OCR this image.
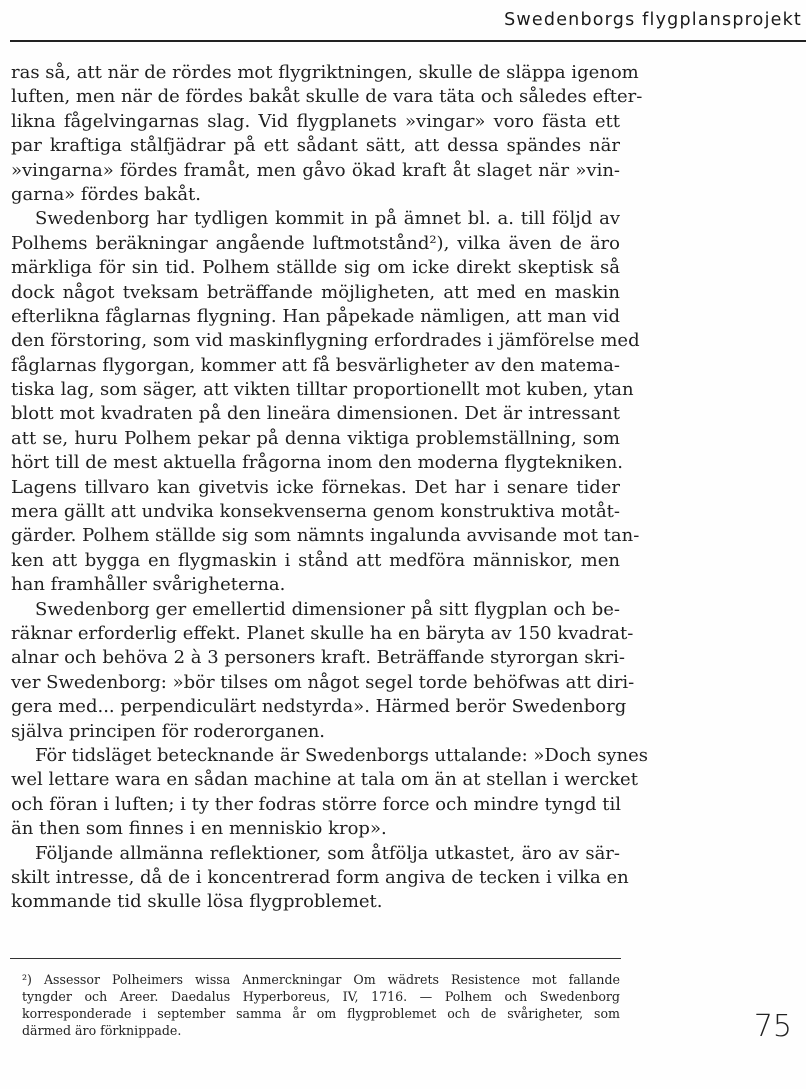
Swedenborgs flygplansprojekt
ras så, att när de rördes mot flygriktningen, skulle de släppa igenom
luften, men när de fördes bakåt skulle de vara täta och således efter-
likna fågelvingarnas slag. Vid flygplanets »vingar» voro fästa ett
par kraftiga stålfjädrar på ett sådant sätt, att dessa spändes när
»vingarna» fördes framåt, men gåvo ökad kraft åt slaget när »vin-
garna» fördes bakåt.
Swedenborg har tydligen kommit in på ämnet bl. a. till följd av
Polhems beräkningar angående luftmotstånd²), vilka även de äro
märkliga för sin tid. Polhem ställde sig om icke direkt skeptisk så
dock något tveksam beträffande möjligheten, att med en maskin
efterlikna fåglarnas flygning. Han påpekade nämligen, att man vid
den förstoring, som vid maskinflygning erfordrades i jämförelse med
fåglarnas flygorgan, kommer att få besvärligheter av den matema-
tiska lag, som säger, att vikten tilltar proportionellt mot kuben, ytan
blott mot kvadraten på den lineära dimensionen. Det är intressant
att se, huru Polhem pekar på denna viktiga problemställning, som
hört till de mest aktuella frågorna inom den moderna flygtekniken.
Lagens tillvaro kan givetvis icke förnekas. Det har i senare tider
mera gällt att undvika konsekvenserna genom konstruktiva motåt-
gärder. Polhem ställde sig som nämnts ingalunda avvisande mot tan-
ken att bygga en flygmaskin i stånd att medföra människor, men
han framhåller svårigheterna.
Swedenborg ger emellertid dimensioner på sitt flygplan och be-
räknar erforderlig effekt. Planet skulle ha en bäryta av 150 kvadrat-
alnar och behöva 2 à 3 personers kraft. Beträffande styrorgan skri-
ver Swedenborg: »bör tilses om något segel torde behöfwas att diri-
gera med... perpendiculärt nedstyrda». Härmed berör Swedenborg
själva principen för roderorganen.
För tidsläget betecknande är Swedenborgs uttalande: »Doch synes
wel lettare wara en sådan machine at tala om än at stellan i wercket
och föran i luften; i ty ther fodras större force och mindre tyngd til
än then som finnes i en menniskio krop».
Följande allmänna reflektioner, som åtfölja utkastet, äro av sär-
skilt intresse, då de i koncentrerad form angiva de tecken i vilka en
kommande tid skulle lösa flygproblemet.
²) Assessor Polheimers wissa Anmerckningar Om wädrets Resistence mot fallande
tyngder och Areer. Daedalus Hyperboreus, IV, 1716. — Polhem och Swedenborg
korresponderade i september samma år om flygproblemet och de svårigheter, som
därmed äro förknippade.	75
